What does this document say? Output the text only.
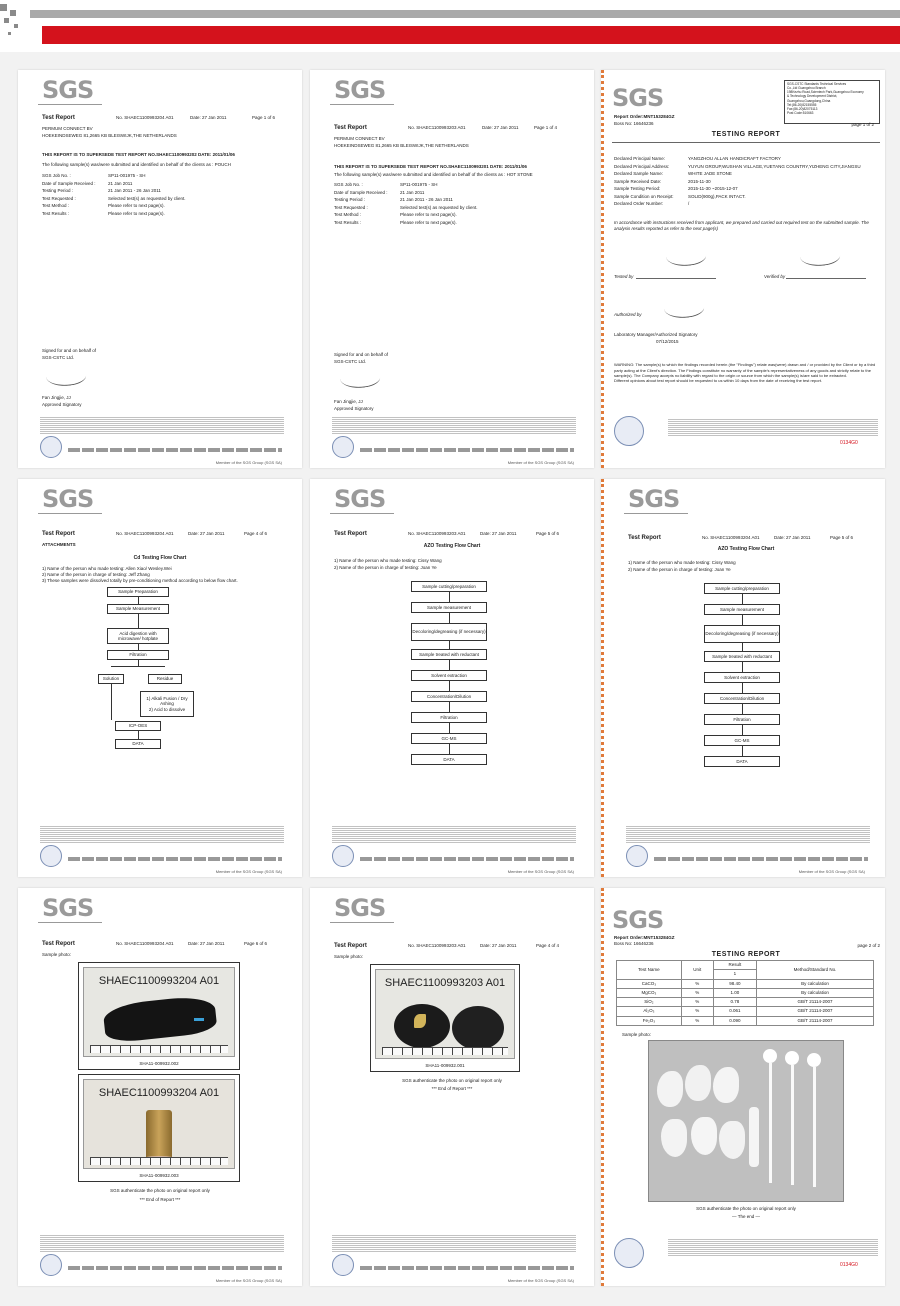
SGS
Test Report	No. SHAEC1100993204 A01	Date: 27 Jan 2011	Page 1 of 6
PERMUM CONNECT BV
HOEKEINDSEWEG 81,2665 KB BLEISWIJK,THE NETHERLANDS
THIS REPORT IS TO SUPERSEDE TEST REPORT NO.SHAEC1100993202 DATE: 2011/01/06
The following sample(s) was/were submitted and identified on behalf of the clients as : POUCH
SGS Job No. :	SP11-001975 - SH
Date of Sample Received :	21 Jan 2011
Testing Period :	21 Jan 2011 - 26 Jan 2011
Test Requested :	Selected test(s) as requested by client.
Test Method :	Please refer to next page(s).
Test Results :	Please refer to next page(s).
Signed for and on behalf of
SGS-CSTC Ltd.
Fan Jingjie, JJ
Approved Signatory
Member of the SGS Group (SGS SA)
SGS
Test Report	No. SHAEC1100993203 A01	Date: 27 Jan 2011	Page 1 of 4
PERMUM CONNECT BV
HOEKEINDSEWEG 81,2665 KB BLEISWIJK,THE NETHERLANDS
THIS REPORT IS TO SUPERSEDE TEST REPORT NO.SHAEC1100993201 DATE: 2011/01/06
The following sample(s) was/were submitted and identified on behalf of the clients as : HOT STONE
SGS Job No. :	SP11-001975 - SH
Date of Sample Received :	21 Jan 2011
Testing Period :	21 Jan 2011 - 26 Jan 2011
Test Requested :	Selected test(s) as requested by client.
Test Method :	Please refer to next page(s).
Test Results :	Please refer to next page(s).
Signed for and on behalf of
SGS-CSTC Ltd.
Fan Jingjie, JJ
Approved Signatory
Member of the SGS Group (SGS SA)
SGS	SGS-CSTC Standards Technical Services
Co.,Ltd Guangzhou Branch
198Kezhu Road,Scientech Park,Guangzhou Economy
& Technology Development District,
Guangzhou,Guangdong,China
Tel:(86-20)82155555
Fax:(86-20)82075113
Post Code:510663
Report Order:MNT153284GZ
Boss No: 16646236	page 1 of 2
TESTING REPORT
Declared Principal Name:	YANGZHOU ALLAN HANDICRAFT FACTORY
Declared Principal Address:	YUYUN GROUP,WUSHAN VILLAGE,YUETANG COUNTRY,YIZHENG CITY,JIANGSU
Declared Sample Name:	WHITE JADE STONE
Sample Received Date:	2015-11-30
Sample Testing Period:	2015-11-30 ~2015-12-07
Sample Condition on Receipt:	SOLID(900g),PACK INTACT.
Declared Order Number:	/
In accordance with instructions received from applicant, we prepared and carried out required test on the submitted sample. The analysis results reported as refer to the next page(s)
Tested by	Verified by
Authorized by
Laboratory Manager/Authorized Signatory
07/12/2015
WARNING: The sample(s) to which the findings recorded herein (the "Findings") relate was(were) drawn and / or provided by the Client or by a third party acting at the Client's direction. The Findings constitute no warranty of the sample's representativeness of any goods and strictly relate to the sample(s). The Company accepts no liability with regard to the origin or source from which the sample(s) is/are said to be extracted.
Different opinions about test report should be requested to us within 10 days from the date of receiving the test report.
0134G0
SGS
Test Report	No. SHAEC1100993204 A01	Date: 27 Jan 2011	Page 4 of 6
ATTACHMENTS
Cd Testing Flow Chart
1) Name of the person who made testing: Allen Xiao/ Wesley.Wei
2) Name of the person in charge of testing: Jeff Zhang
3) These samples were dissolved totally by pre-conditioning method according to below flow chart.
Sample Preparation
Sample Measurement
Acid digestion with microwave/ hotplate
Filtration
Solution	Residue
1) Alkali Fusion / Dry Ashing
2) Acid to dissolve
ICP-OES
DATA
Member of the SGS Group (SGS SA)
SGS
Test Report	No. SHAEC1100993203 A01	Date: 27 Jan 2011	Page 5 of 6
AZO Testing Flow Chart
1) Name of the person who made testing: Cissy Wang
2) Name of the person in charge of testing: Joan Ye
Sample cutting/preparation
Sample measurement
Decoloring/degreasing (if necessary)
Sample treated with reductant
Solvent extraction
Concentration/Dilution
Filtration
GC-MS
DATA
Member of the SGS Group (SGS SA)
SGS
Test Report	No. SHAEC1100993204 A01	Date: 27 Jan 2011	Page 5 of 6
AZO Testing Flow Chart
1) Name of the person who made testing: Cissy Wang
2) Name of the person in charge of testing: Joan Ye
Sample cutting/preparation
Sample measurement
Decoloring/degreasing (if necessary)
Sample treated with reductant
Solvent extraction
Concentration/Dilution
Filtration
GC-MS
DATA
Member of the SGS Group (SGS SA)
SGS
Test Report	No. SHAEC1100993204 A01	Date: 27 Jan 2011	Page 6 of 6
Sample photo:
SHAEC1100993204 A01
SHA11-009932.002
SHAEC1100993204 A01
SHA11-009932.003
SGS authenticate the photo on original report only
*** End of Report ***
Member of the SGS Group (SGS SA)
SGS
Test Report	No. SHAEC1100993203 A01	Date: 27 Jan 2011	Page 4 of 4
Sample photo:
SHAEC1100993203 A01
SHA11-009932.001
SGS authenticate the photo on original report only
*** End of Report ***
Member of the SGS Group (SGS SA)
SGS
Report Order:MNT153284GZ
Boss No: 16646236	page 2 of 2
TESTING REPORT
Test Name	Unit	Result	Method/Standard No.
		1	
CaCO₃	%	98.40	By calculation
MgCO₃	%	1.00	By calculation
SiO₂	%	0.78	GB/T 21114-2007
Al₂O₃	%	0.061	GB/T 21114-2007
Fe₂O₃	%	0.090	GB/T 21114-2007
Sample photo:
SGS authenticate the photo on original report only
— The end —
0134G0
